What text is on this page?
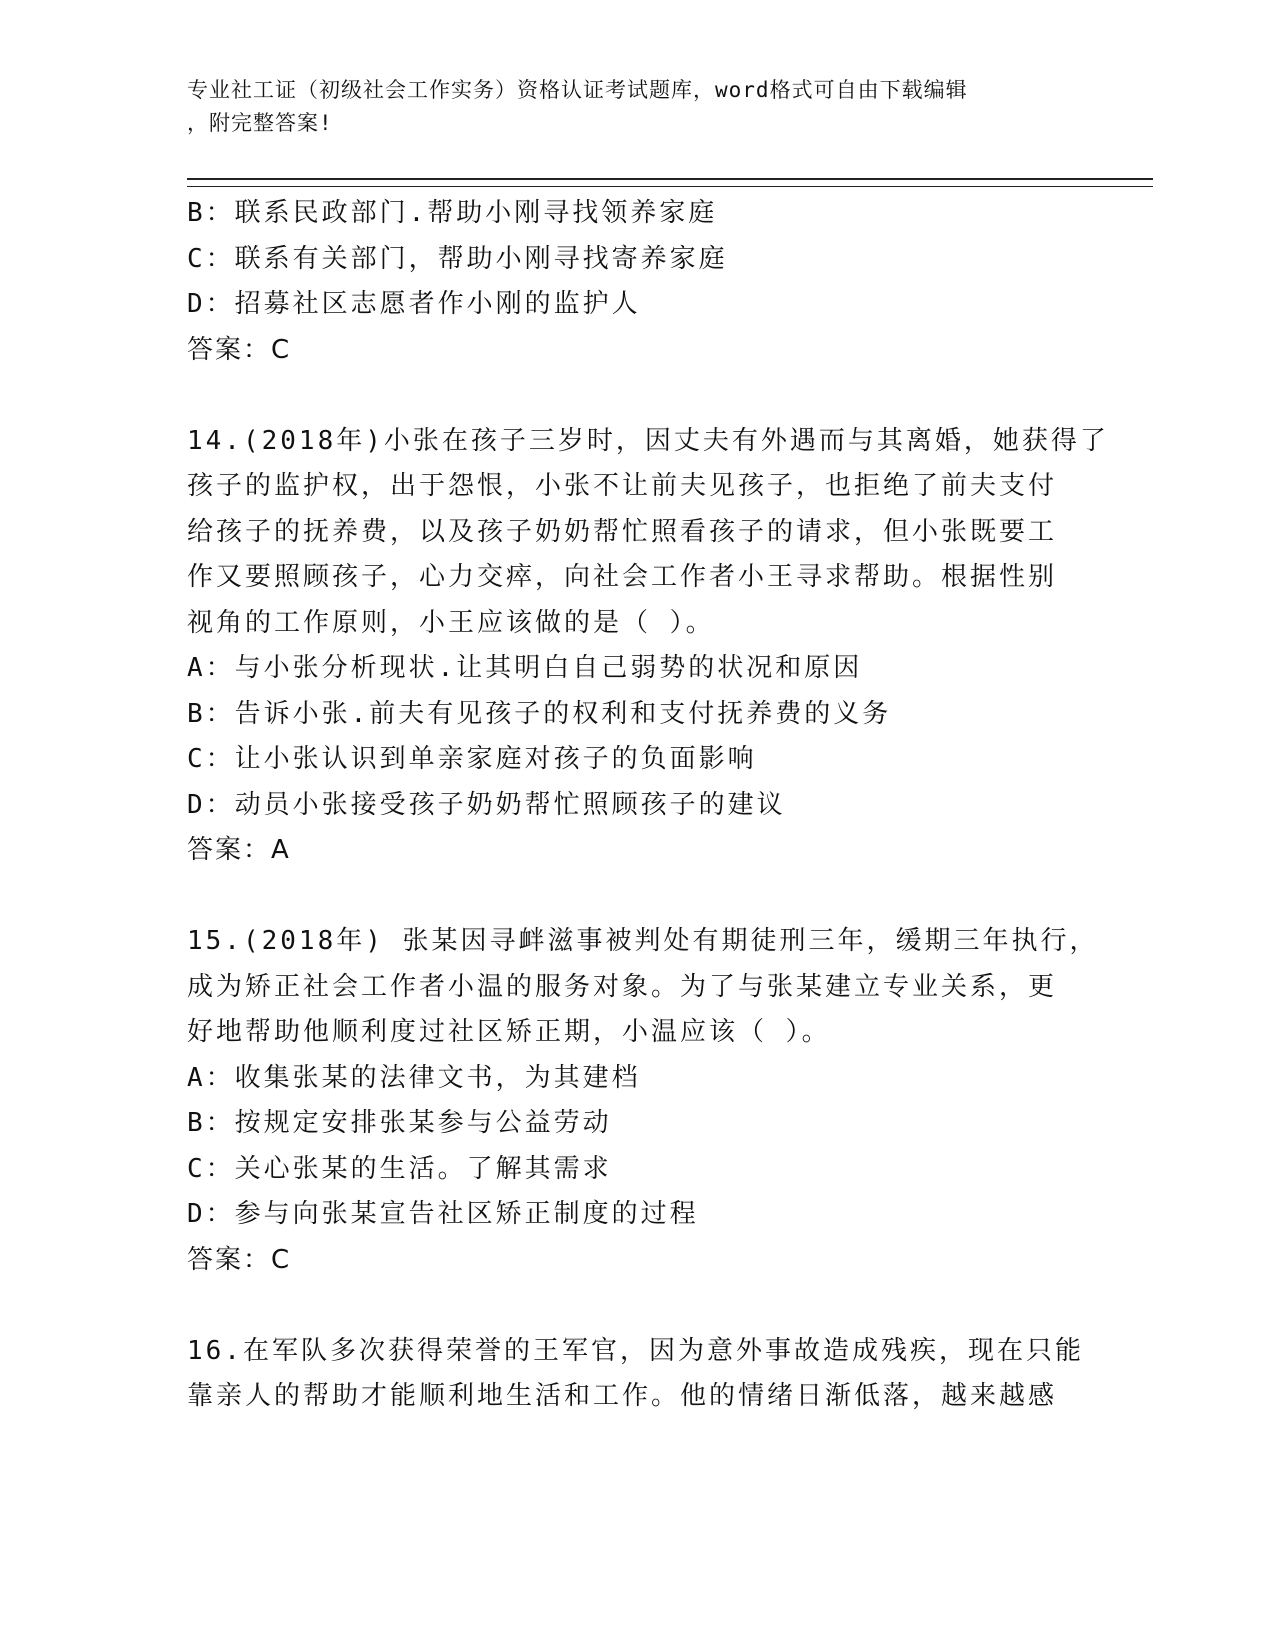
专业社工证（初级社会工作实务）资格认证考试题库，word格式可自由下载编辑
，附完整答案!
B：联系民政部门.帮助小刚寻找领养家庭
C：联系有关部门，帮助小刚寻找寄养家庭
D：招募社区志愿者作小刚的监护人
答案：C
14.(2018年)小张在孩子三岁时，因丈夫有外遇而与其离婚，她获得了
孩子的监护权，出于怨恨，小张不让前夫见孩子，也拒绝了前夫支付
给孩子的抚养费，以及孩子奶奶帮忙照看孩子的请求，但小张既要工
作又要照顾孩子，心力交瘁，向社会工作者小王寻求帮助。根据性别
视角的工作原则，小王应该做的是（ ）。
A：与小张分析现状.让其明白自己弱势的状况和原因
B：告诉小张.前夫有见孩子的权利和支付抚养费的义务
C：让小张认识到单亲家庭对孩子的负面影响
D：动员小张接受孩子奶奶帮忙照顾孩子的建议
答案：A
15.(2018年) 张某因寻衅滋事被判处有期徒刑三年，缓期三年执行，
成为矫正社会工作者小温的服务对象。为了与张某建立专业关系，更
好地帮助他顺利度过社区矫正期，小温应该（ ）。
A：收集张某的法律文书，为其建档
B：按规定安排张某参与公益劳动
C：关心张某的生活。了解其需求
D：参与向张某宣告社区矫正制度的过程
答案：C
16.在军队多次获得荣誉的王军官，因为意外事故造成残疾，现在只能
靠亲人的帮助才能顺利地生活和工作。他的情绪日渐低落，越来越感
